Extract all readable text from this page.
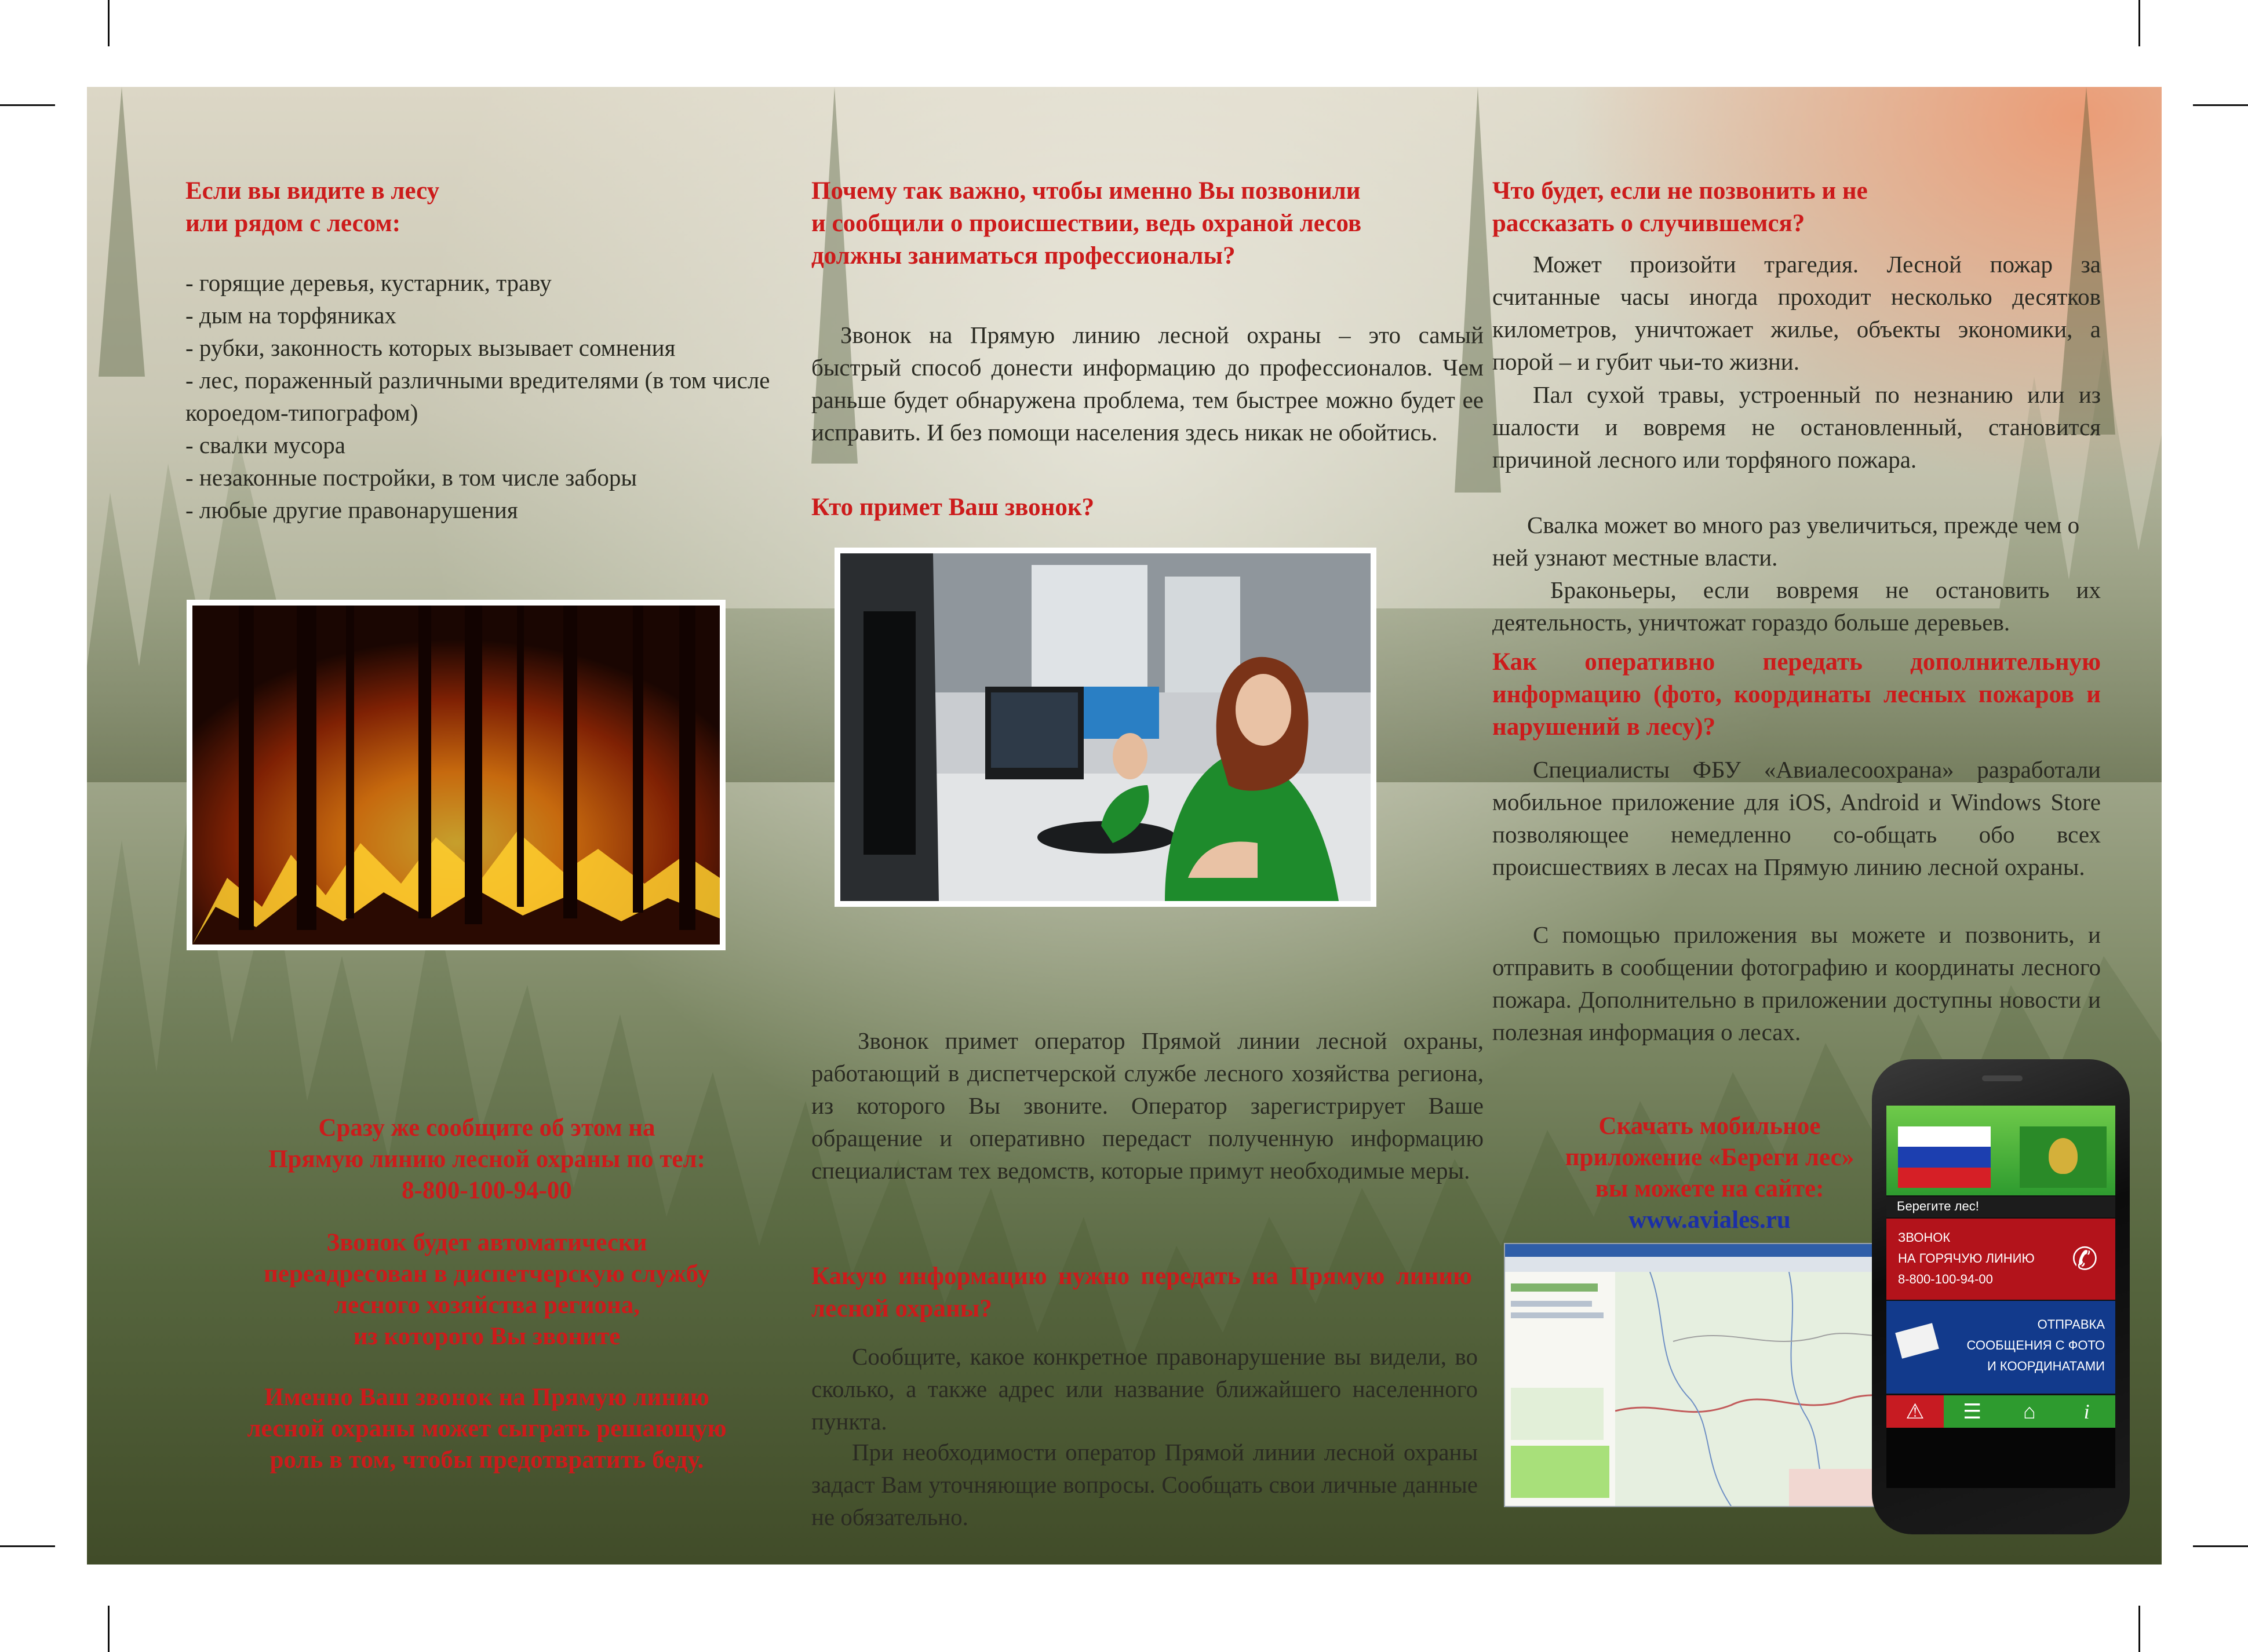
Если вы видите в лесу
или рядом с лесом:
- горящие деревья, кустарник, траву
- дым на торфяниках
- рубки, законность которых вызывает сомнения
- лес, пораженный различными вредителями (в том числе короедом-типографом)
- свалки мусора
- незаконные постройки, в том числе заборы
- любые другие правонарушения

Сразу же сообщите об этом на
Прямую линию лесной охраны по тел:
8-800-100-94-00

Звонок будет автоматически
переадресован в диспетчерскую службу
лесного хозяйства региона,
из которого Вы звоните

Именно Ваш звонок на Прямую линию
лесной охраны может сыграть решающую
роль в том, чтобы предотвратить беду.

Почему так важно, чтобы именно Вы позвонили и сообщили о происшествии, ведь охраной лесов должны заниматься профессионалы?

Звонок на Прямую линию лесной охраны – это самый быстрый способ донести информацию до профессионалов. Чем раньше будет обнаружена проблема, тем быстрее можно будет ее исправить. И без помощи населения здесь никак не обойтись.

Кто примет Ваш звонок?

Звонок примет оператор Прямой линии лесной охраны, работающий в диспетчерской службе лесного хозяйства региона, из которого Вы звоните. Оператор зарегистрирует Ваше обращение и оперативно передаст полученную информацию специалистам тех ведомств, которые примут необходимые меры.

Какую информацию нужно передать на Прямую линию лесной охраны?

Сообщите, какое конкретное правонарушение вы видели, во сколько, а также адрес или название ближайшего населенного пункта.

При необходимости оператор Прямой линии лесной охраны задаст Вам уточняющие вопросы. Сообщать свои личные данные не обязательно.

Что будет, если не позвонить и не рассказать о случившемся?

Может произойти трагедия. Лесной пожар за считанные часы иногда проходит несколько десятков километров, уничтожает жилье, объекты экономики, а порой – и губит чьи-то жизни.

Пал сухой травы, устроенный по незнанию или из шалости и вовремя не остановленный, становится причиной лесного или торфяного пожара.

Свалка может во много раз увеличиться, прежде чем о ней узнают местные власти.

Браконьеры, если вовремя не остановить их деятельность, уничтожат гораздо больше деревьев.

Как оперативно передать дополнительную информацию (фото, координаты лесных пожаров и нарушений в лесу)?

Специалисты ФБУ «Авиалесоохрана» разработали мобильное приложение для iOS, Android и Windows Store позволяющее немедленно со-общать обо всех происшествиях в лесах на Прямую линию лесной охраны.

С помощью приложения вы можете и позвонить, и отправить в сообщении фотографию и координаты лесного пожара. Дополнительно в приложении доступны новости и полезная информация о лесах.

Скачать мобильное
приложение «Береги лес»
вы можете на сайте:
www.aviales.ru

Берегите лес!
ЗВОНОК
НА ГОРЯЧУЮ ЛИНИЮ
8-800-100-94-00
✆
ОТПРАВКА
СООБЩЕНИЯ С ФОТО
И КООРДИНАТАМИ
⚠	☰	⌂	i
